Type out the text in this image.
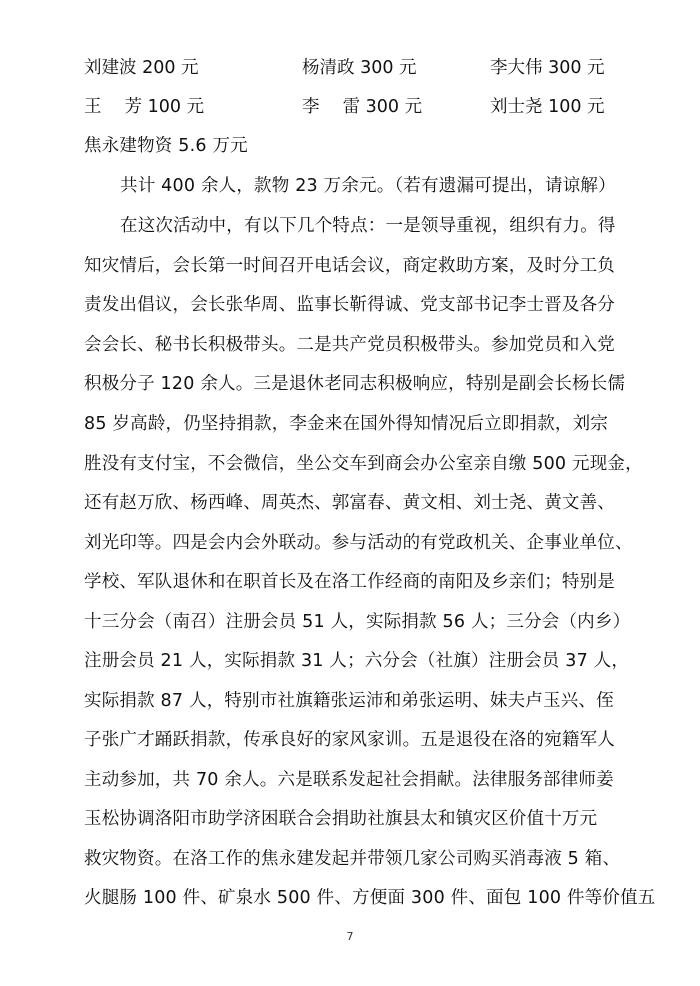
刘建波 200 元	杨清政 300 元	李大伟 300 元
王　 芳 100 元	李　 雷 300 元	刘士尧 100 元
焦永建物资 5.6 万元
共计 400 余人，款物 23 万余元。（若有遗漏可提出，请谅解）
在这次活动中，有以下几个特点：一是领导重视，组织有力。得
知灾情后，会长第一时间召开电话会议，商定救助方案，及时分工负
责发出倡议，会长张华周、监事长靳得诚、党支部书记李士晋及各分
会会长、秘书长积极带头。二是共产党员积极带头。参加党员和入党
积极分子 120 余人。三是退休老同志积极响应，特别是副会长杨长儒
85 岁高龄，仍坚持捐款，李金来在国外得知情况后立即捐款，刘宗
胜没有支付宝，不会微信，坐公交车到商会办公室亲自缴 500 元现金，
还有赵万欣、杨西峰、周英杰、郭富春、黄文相、刘士尧、黄文善、
刘光印等。四是会内会外联动。参与活动的有党政机关、企事业单位、
学校、军队退休和在职首长及在洛工作经商的南阳及乡亲们；特别是
十三分会（南召）注册会员 51 人，实际捐款 56 人；三分会（内乡）
注册会员 21 人，实际捐款 31 人；六分会（社旗）注册会员 37 人，
实际捐款 87 人，特别市社旗籍张运沛和弟张运明、妹夫卢玉兴、侄
子张广才踊跃捐款，传承良好的家风家训。五是退役在洛的宛籍军人
主动参加，共 70 余人。六是联系发起社会捐献。法律服务部律师姜
玉松协调洛阳市助学济困联合会捐助社旗县太和镇灾区价值十万元
救灾物资。在洛工作的焦永建发起并带领几家公司购买消毒液 5 箱、
火腿肠 100 件、矿泉水 500 件、方便面 300 件、面包 100 件等价值五
7
